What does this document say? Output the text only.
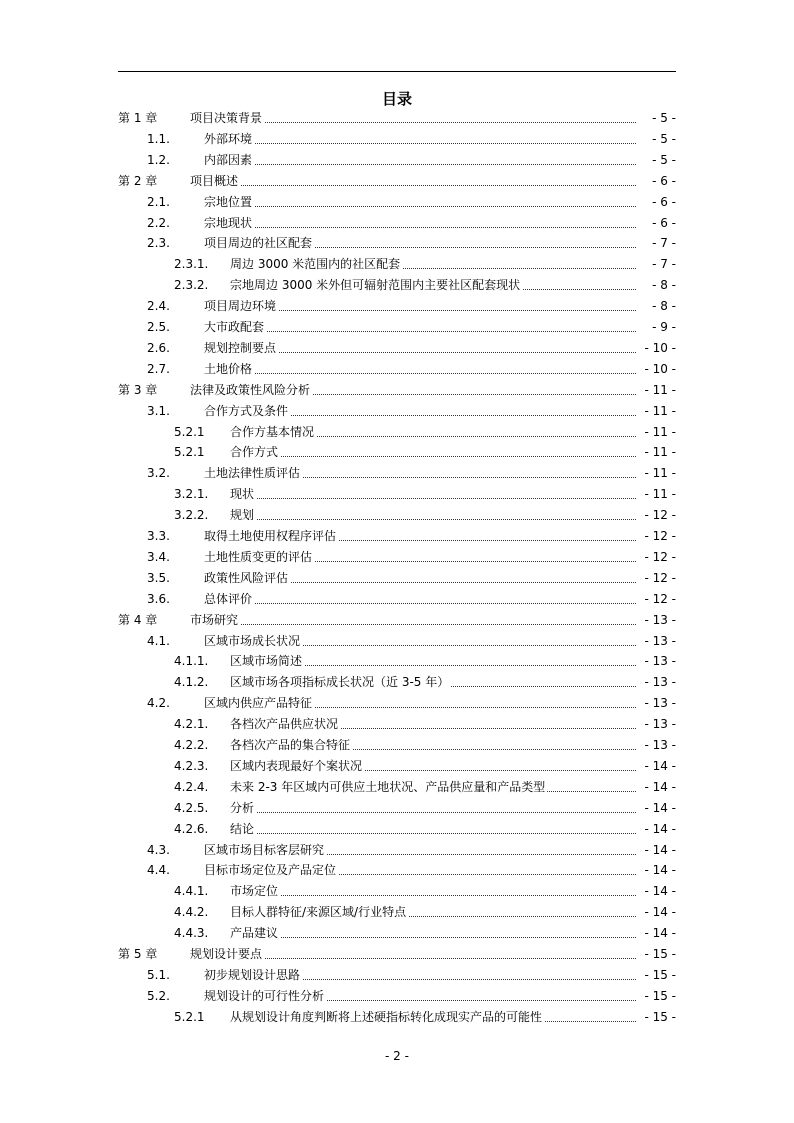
目录
第 1 章	项目决策背景	- 5 -
1.1.	外部环境	- 5 -
1.2.	内部因素	- 5 -
第 2 章	项目概述	- 6 -
2.1.	宗地位置	- 6 -
2.2.	宗地现状	- 6 -
2.3.	项目周边的社区配套	- 7 -
2.3.1. 周边 3000 米范围内的社区配套	- 7 -
2.3.2. 宗地周边 3000 米外但可辐射范围内主要社区配套现状	- 8 -
2.4.	项目周边环境	- 8 -
2.5.	大市政配套	- 9 -
2.6.	规划控制要点	- 10 -
2.7.	土地价格	- 10 -
第 3 章	法律及政策性风险分析	- 11 -
3.1.	合作方式及条件	- 11 -
5.2.1 合作方基本情况	- 11 -
5.2.1 合作方式	- 11 -
3.2.	土地法律性质评估	- 11 -
3.2.1. 现状	- 11 -
3.2.2. 规划	- 12 -
3.3.	取得土地使用权程序评估	- 12 -
3.4.	土地性质变更的评估	- 12 -
3.5.	政策性风险评估	- 12 -
3.6.	总体评价	- 12 -
第 4 章	市场研究	- 13 -
4.1.	区域市场成长状况	- 13 -
4.1.1. 区域市场简述	- 13 -
4.1.2. 区域市场各项指标成长状况（近 3-5 年）	- 13 -
4.2.	区域内供应产品特征	- 13 -
4.2.1. 各档次产品供应状况	- 13 -
4.2.2. 各档次产品的集合特征	- 13 -
4.2.3. 区域内表现最好个案状况	- 14 -
4.2.4. 未来 2-3 年区域内可供应土地状况、产品供应量和产品类型	- 14 -
4.2.5. 分析	- 14 -
4.2.6. 结论	- 14 -
4.3.	区域市场目标客层研究	- 14 -
4.4.	目标市场定位及产品定位	- 14 -
4.4.1. 市场定位	- 14 -
4.4.2. 目标人群特征/来源区域/行业特点	- 14 -
4.4.3. 产品建议	- 14 -
第 5 章	规划设计要点	- 15 -
5.1.	初步规划设计思路	- 15 -
5.2.	规划设计的可行性分析	- 15 -
5.2.1 从规划设计角度判断将上述硬指标转化成现实产品的可能性	- 15 -
- 2 -
